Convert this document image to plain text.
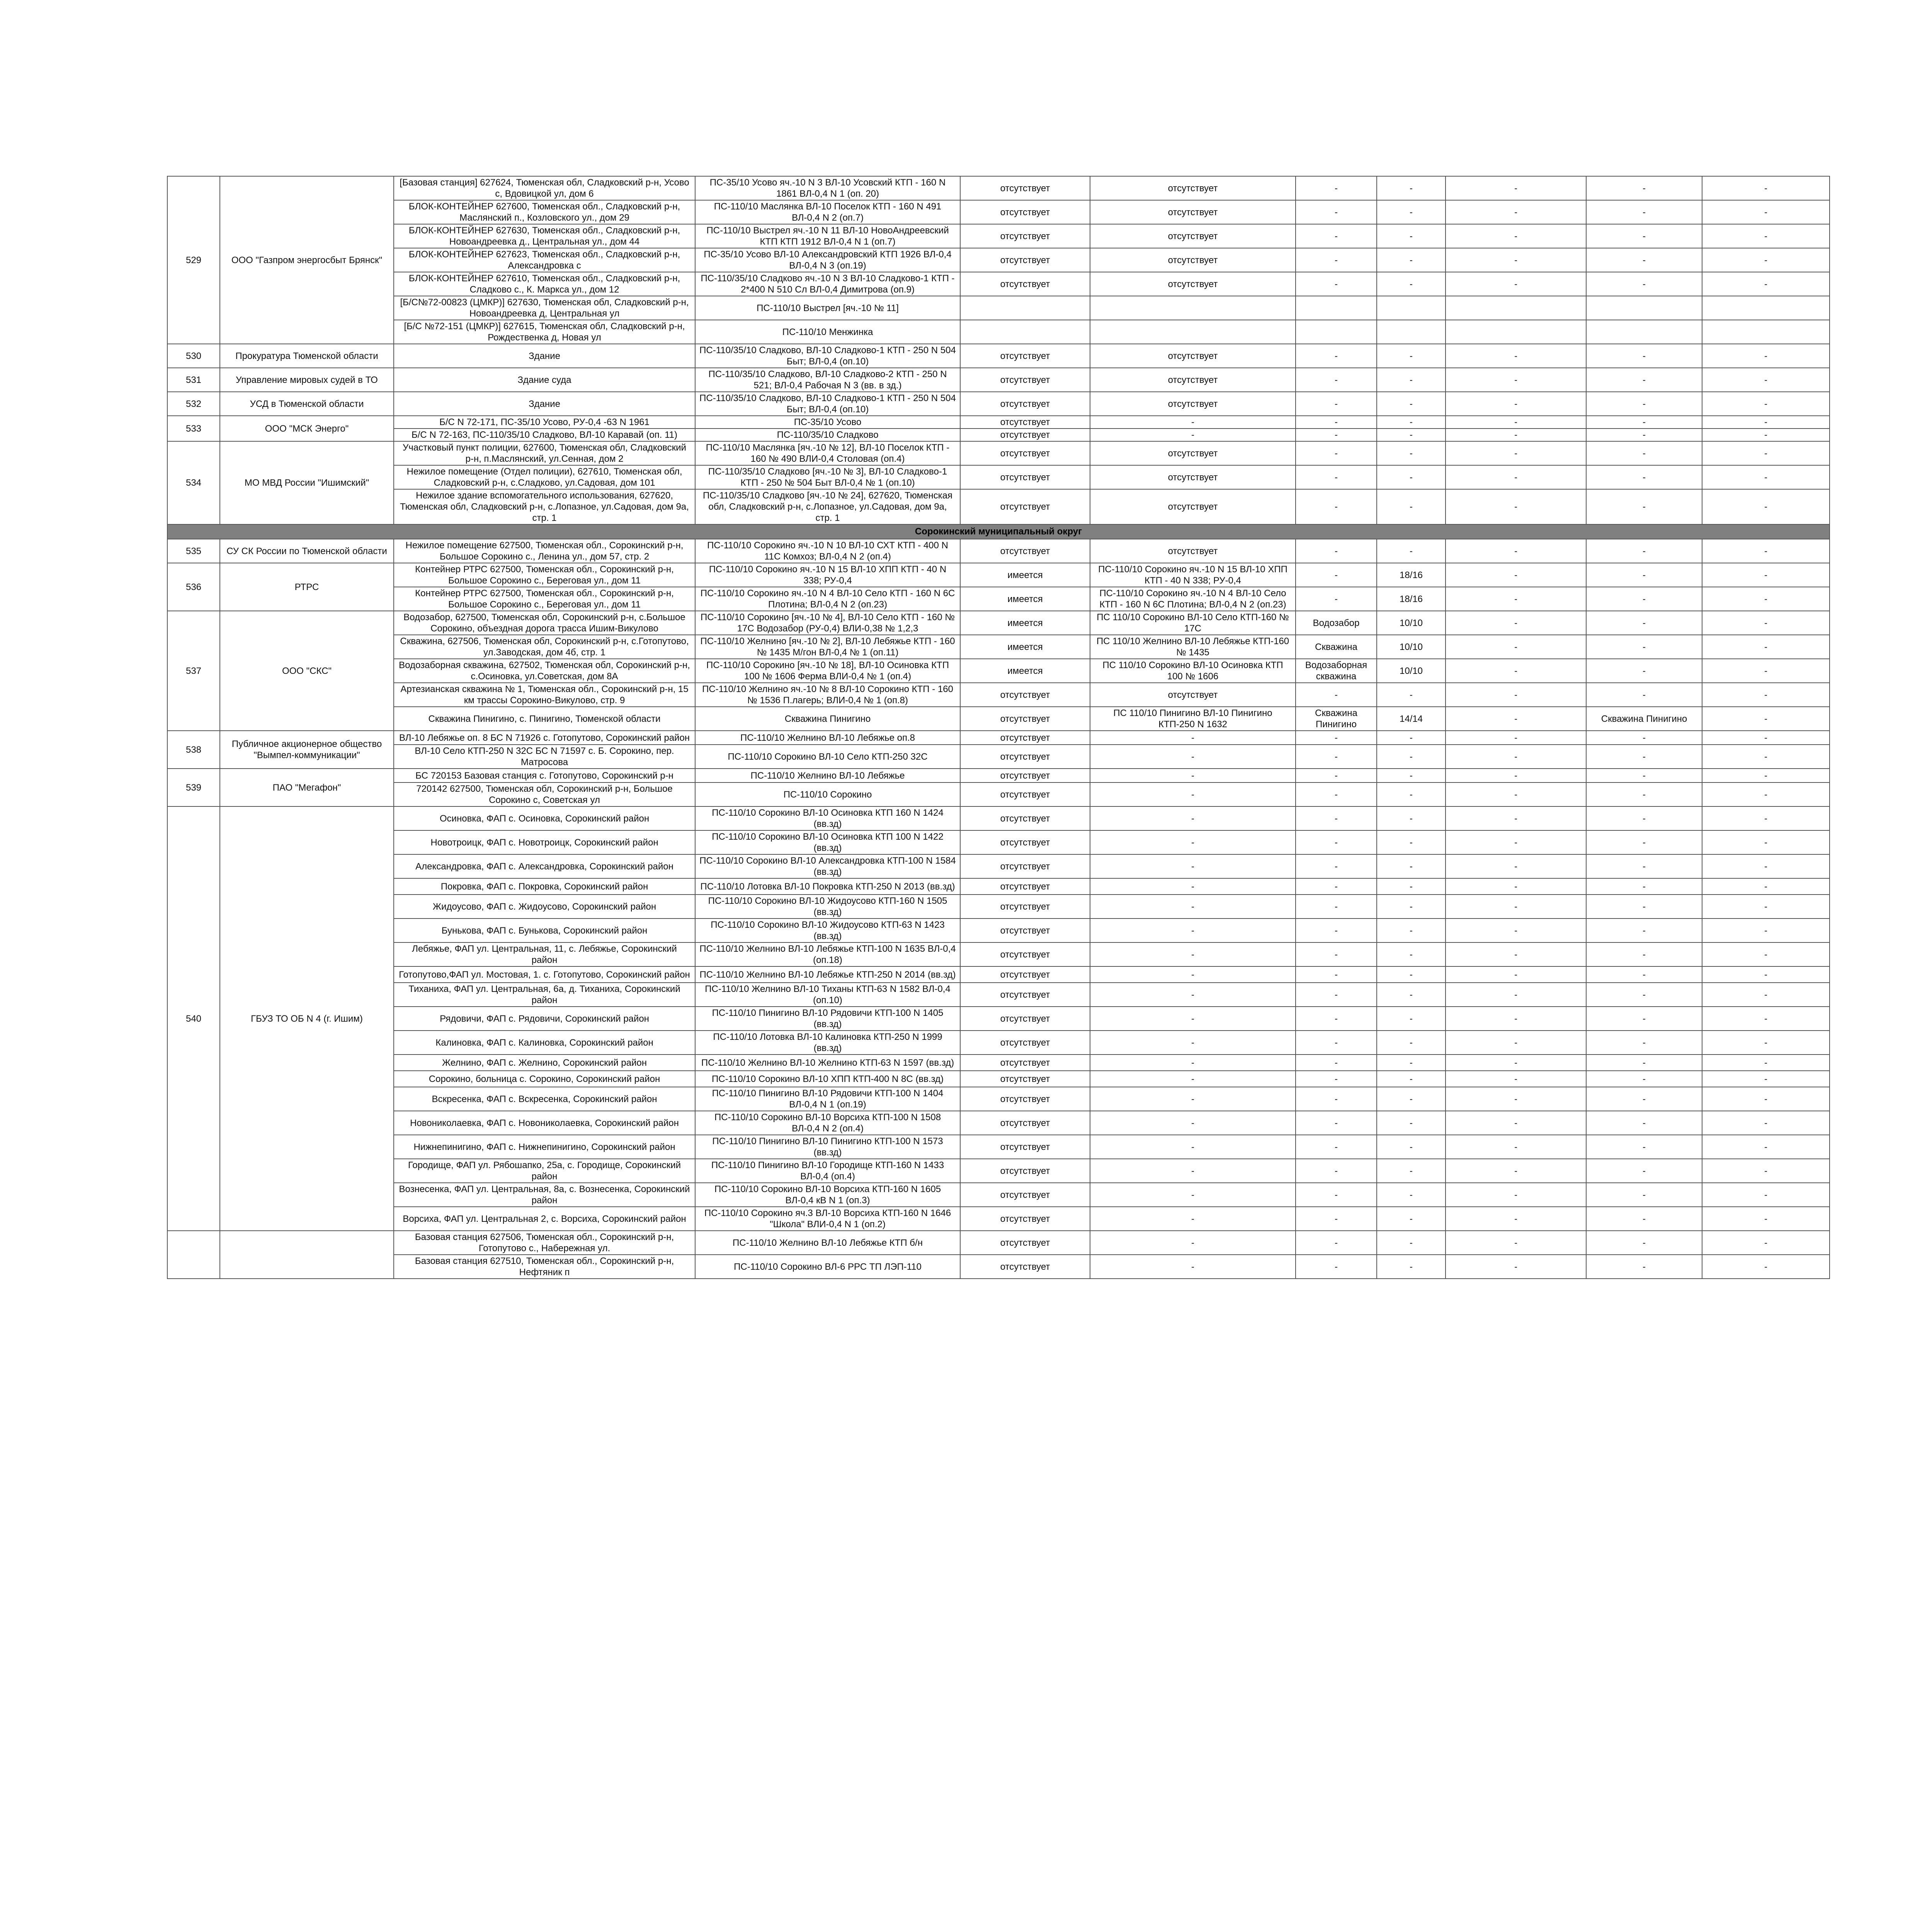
529	ООО "Газпром энергосбыт Брянск"	[Базовая станция] 627624, Тюменская обл, Сладковский р-н, Усово с, Вдовицкой ул, дом 6	ПС-35/10 Усово яч.-10 N 3 ВЛ-10 Усовский КТП - 160 N 1861 ВЛ-0,4 N 1 (оп. 20)	отсутствует	отсутствует	-	-	-	-	-
		БЛОК-КОНТЕЙНЕР 627600, Тюменская обл., Сладковский р-н, Маслянский п., Козловского ул., дом 29	ПС-110/10 Маслянка ВЛ-10 Поселок КТП - 160 N 491 ВЛ-0,4 N 2 (оп.7)	отсутствует	отсутствует	-	-	-	-	-
		БЛОК-КОНТЕЙНЕР 627630, Тюменская обл., Сладковский р-н, Новоандреевка д., Центральная ул., дом 44	ПС-110/10 Выстрел яч.-10 N 11 ВЛ-10 НовоАндреевский КТП КТП 1912 ВЛ-0,4 N 1 (оп.7)	отсутствует	отсутствует	-	-	-	-	-
		БЛОК-КОНТЕЙНЕР 627623, Тюменская обл., Сладковский р-н, Александровка с	ПС-35/10 Усово ВЛ-10 Александровский КТП 1926 ВЛ-0,4 ВЛ-0,4 N 3 (оп.19)	отсутствует	отсутствует	-	-	-	-	-
		БЛОК-КОНТЕЙНЕР 627610, Тюменская обл., Сладковский р-н, Сладково с., К. Маркса ул., дом 12	ПС-110/35/10 Сладково яч.-10 N 3 ВЛ-10 Сладково-1 КТП - 2*400 N 510 Сл ВЛ-0,4 Димитрова (оп.9)	отсутствует	отсутствует	-	-	-	-	-
		[Б/С№72-00823 (ЦМКР)] 627630, Тюменская обл, Сладковский р-н, Новоандреевка д, Центральная ул	ПС-110/10 Выстрел [яч.-10 № 11]							
		[Б/С №72-151 (ЦМКР)] 627615, Тюменская обл, Сладковский р-н, Рождественка д, Новая ул	ПС-110/10 Менжинка							
530	Прокуратура Тюменской области	Здание	ПС-110/35/10 Сладково, ВЛ-10 Сладково-1 КТП - 250 N 504 Быт; ВЛ-0,4 (оп.10)	отсутствует	отсутствует	-	-	-	-	-
531	Управление мировых судей в ТО	Здание суда	ПС-110/35/10 Сладково, ВЛ-10 Сладково-2 КТП - 250 N 521; ВЛ-0,4 Рабочая N 3 (вв. в зд.)	отсутствует	отсутствует	-	-	-	-	-
532	УСД в Тюменской области	Здание	ПС-110/35/10 Сладково, ВЛ-10 Сладково-1 КТП - 250 N 504 Быт; ВЛ-0,4 (оп.10)	отсутствует	отсутствует	-	-	-	-	-
533	ООО "МСК Энерго"	Б/С N 72-171, ПС-35/10 Усово, РУ-0,4 -63 N 1961	ПС-35/10 Усово	отсутствует	-	-	-	-	-	-
		Б/С N 72-163, ПС-110/35/10 Сладково, ВЛ-10 Каравай (оп. 11)	ПС-110/35/10 Сладково	отсутствует	-	-	-	-	-	-
534	МО МВД России "Ишимский"	Участковый пункт полиции, 627600, Тюменская обл, Сладковский р-н, п.Маслянский, ул.Сенная, дом 2	ПС-110/10 Маслянка [яч.-10 № 12], ВЛ-10 Поселок КТП - 160 № 490 ВЛИ-0,4 Столовая (оп.4)	отсутствует	отсутствует	-	-	-	-	-
		Нежилое помещение (Отдел полиции), 627610, Тюменская обл, Сладковский р-н, с.Сладково, ул.Садовая, дом 101	ПС-110/35/10 Сладково [яч.-10 № 3], ВЛ-10 Сладково-1 КТП - 250 № 504 Быт ВЛ-0,4 № 1 (оп.10)	отсутствует	отсутствует	-	-	-	-	-
		Нежилое здание вспомогательного использования, 627620, Тюменская обл, Сладковский р-н, с.Лопазное, ул.Садовая, дом 9а, стр. 1	ПС-110/35/10 Сладково [яч.-10 № 24], 627620, Тюменская обл, Сладковский р-н, с.Лопазное, ул.Садовая, дом 9а, стр. 1	отсутствует	отсутствует	-	-	-	-	-
Сорокинский муниципальный округ										
535	СУ СК России по Тюменской области	Нежилое помещение 627500, Тюменская обл., Сорокинский р-н, Большое Сорокино с., Ленина ул., дом 57, стр. 2	ПС-110/10 Сорокино яч.-10 N 10 ВЛ-10 СХТ КТП - 400 N 11С Комхоз; ВЛ-0,4 N 2 (оп.4)	отсутствует	отсутствует	-	-	-	-	-
536	РТРС	Контейнер РТРС 627500, Тюменская обл., Сорокинский р-н, Большое Сорокино с., Береговая ул., дом 11	ПС-110/10 Сорокино яч.-10 N 15 ВЛ-10 ХПП КТП - 40 N 338; РУ-0,4	имеется	ПС-110/10 Сорокино яч.-10 N 15 ВЛ-10 ХПП КТП - 40 N 338; РУ-0,4	-	18/16	-	-	-
		Контейнер РТРС 627500, Тюменская обл., Сорокинский р-н, Большое Сорокино с., Береговая ул., дом 11	ПС-110/10 Сорокино яч.-10 N 4 ВЛ-10 Село КТП - 160 N 6С Плотина; ВЛ-0,4 N 2 (оп.23)	имеется	ПС-110/10 Сорокино яч.-10 N 4 ВЛ-10 Село КТП - 160 N 6С Плотина; ВЛ-0,4 N 2 (оп.23)	-	18/16	-	-	-
537	ООО "СКС"	Водозабор, 627500, Тюменская обл, Сорокинский р-н, с.Большое Сорокино, объездная дорога трасса Ишим-Викулово	ПС-110/10 Сорокино [яч.-10 № 4], ВЛ-10 Село КТП - 160 № 17С Водозабор (РУ-0,4) ВЛИ-0,38 № 1,2,3	имеется	ПС 110/10 Сорокино ВЛ-10 Село КТП-160 № 17С	Водозабор	10/10	-	-	-
		Скважина, 627506, Тюменская обл, Сорокинский р-н, с.Готопутово, ул.Заводская, дом 4б, стр. 1	ПС-110/10 Желнино [яч.-10 № 2], ВЛ-10 Лебяжье КТП - 160 № 1435 М/гон ВЛ-0,4 № 1 (оп.11)	имеется	ПС 110/10 Желнино ВЛ-10 Лебяжье КТП-160 № 1435	Скважина	10/10	-	-	-
		Водозаборная скважина, 627502, Тюменская обл, Сорокинский р-н, с.Осиновка, ул.Советская, дом 8А	ПС-110/10 Сорокино [яч.-10 № 18], ВЛ-10 Осиновка КТП 100 № 1606 Ферма ВЛИ-0,4 № 1 (оп.4)	имеется	ПС 110/10 Сорокино ВЛ-10 Осиновка КТП 100 № 1606	Водозаборная скважина	10/10	-	-	-
		Артезианская скважина № 1, Тюменская обл., Сорокинский р-н, 15 км трассы Сорокино-Викулово, стр. 9	ПС-110/10 Желнино яч.-10 № 8 ВЛ-10 Сорокино КТП - 160 № 1536 П.лагерь; ВЛИ-0,4 № 1 (оп.8)	отсутствует	отсутствует	-	-	-	-	-
		Скважина Пинигино, с. Пинигино, Тюменской области	Скважина Пинигино	отсутствует	ПС 110/10 Пинигино ВЛ-10 Пинигино КТП-250 N 1632	Скважина Пинигино	14/14	-	Скважина Пинигино	-
538	Публичное акционерное общество "Вымпел-коммуникации"	ВЛ-10 Лебяжье оп. 8 БС N 71926 с. Готопутово, Сорокинский район	ПС-110/10 Желнино ВЛ-10 Лебяжье оп.8	отсутствует	-	-	-	-	-	-
		ВЛ-10 Село КТП-250 N 32С БС N 71597 с. Б. Сорокино, пер. Матросова	ПС-110/10 Сорокино ВЛ-10 Село КТП-250 32С	отсутствует	-	-	-	-	-	-
539	ПАО "Мегафон"	БС 720153 Базовая станция с. Готопутово, Сорокинский р-н	ПС-110/10 Желнино ВЛ-10 Лебяжье	отсутствует	-	-	-	-	-	-
		720142 627500, Тюменская обл, Сорокинский р-н, Большое Сорокино с, Советская ул	ПС-110/10 Сорокино	отсутствует	-	-	-	-	-	-
540	ГБУЗ ТО ОБ N 4 (г. Ишим)	Осиновка, ФАП с. Осиновка, Сорокинский район	ПС-110/10 Сорокино ВЛ-10 Осиновка КТП 160 N 1424 (вв.зд)	отсутствует	-	-	-	-	-	-
		Новотроицк, ФАП с. Новотроицк, Сорокинский район	ПС-110/10 Сорокино ВЛ-10 Осиновка КТП 100 N 1422 (вв.зд)	отсутствует	-	-	-	-	-	-
		Александровка, ФАП с. Александровка, Сорокинский район	ПС-110/10 Сорокино ВЛ-10 Александровка КТП-100 N 1584 (вв.зд)	отсутствует	-	-	-	-	-	-
		Покровка, ФАП с. Покровка, Сорокинский район	ПС-110/10 Лотовка ВЛ-10 Покровка КТП-250 N 2013 (вв.зд)	отсутствует	-	-	-	-	-	-
		Жидоусово, ФАП с. Жидоусово, Сорокинский район	ПС-110/10 Сорокино ВЛ-10 Жидоусово КТП-160 N 1505 (вв.зд)	отсутствует	-	-	-	-	-	-
		Бунькова, ФАП с. Бунькова, Сорокинский район	ПС-110/10 Сорокино ВЛ-10 Жидоусово КТП-63 N 1423 (вв.зд)	отсутствует	-	-	-	-	-	-
		Лебяжье, ФАП ул. Центральная, 11, с. Лебяжье, Сорокинский район	ПС-110/10 Желнино ВЛ-10 Лебяжье КТП-100 N 1635 ВЛ-0,4 (оп.18)	отсутствует	-	-	-	-	-	-
		Готопутово,ФАП ул. Мостовая, 1. с. Готопутово, Сорокинский район	ПС-110/10 Желнино ВЛ-10 Лебяжье КТП-250 N 2014 (вв.зд)	отсутствует	-	-	-	-	-	-
		Тиханиха, ФАП ул. Центральная, 6а, д. Тиханиха, Сорокинский район	ПС-110/10 Желнино ВЛ-10 Тиханы КТП-63 N 1582 ВЛ-0,4 (оп.10)	отсутствует	-	-	-	-	-	-
		Рядовичи, ФАП с. Рядовичи, Сорокинский район	ПС-110/10 Пинигино ВЛ-10 Рядовичи КТП-100 N 1405 (вв.зд)	отсутствует	-	-	-	-	-	-
		Калиновка, ФАП с. Калиновка, Сорокинский район	ПС-110/10 Лотовка ВЛ-10 Калиновка КТП-250 N 1999 (вв.зд)	отсутствует	-	-	-	-	-	-
		Желнино, ФАП с. Желнино, Сорокинский район	ПС-110/10 Желнино ВЛ-10 Желнино КТП-63 N 1597 (вв.зд)	отсутствует	-	-	-	-	-	-
		Сорокино, больница с. Сорокино, Сорокинский район	ПС-110/10 Сорокино ВЛ-10 ХПП КТП-400 N 8С (вв.зд)	отсутствует	-	-	-	-	-	-
		Вскресенка, ФАП с. Вскресенка, Сорокинский район	ПС-110/10 Пинигино ВЛ-10 Рядовичи КТП-100 N 1404 ВЛ-0,4 N 1 (оп.19)	отсутствует	-	-	-	-	-	-
		Новониколаевка, ФАП с. Новониколаевка, Сорокинский район	ПС-110/10 Сорокино ВЛ-10 Ворсиха КТП-100 N 1508 ВЛ-0,4 N 2 (оп.4)	отсутствует	-	-	-	-	-	-
		Нижнепинигино, ФАП с. Нижнепинигино, Сорокинский район	ПС-110/10 Пинигино ВЛ-10 Пинигино КТП-100 N 1573 (вв.зд)	отсутствует	-	-	-	-	-	-
		Городище, ФАП ул. Рябошапко, 25а, с. Городище, Сорокинский район	ПС-110/10 Пинигино ВЛ-10 Городище КТП-160 N 1433 ВЛ-0,4 (оп.4)	отсутствует	-	-	-	-	-	-
		Вознесенка, ФАП ул. Центральная, 8а, с. Вознесенка, Сорокинский район	ПС-110/10 Сорокино ВЛ-10 Ворсиха КТП-160 N 1605 ВЛ-0,4 кВ N 1 (оп.3)	отсутствует	-	-	-	-	-	-
		Ворсиха, ФАП ул. Центральная 2, с. Ворсиха, Сорокинский район	ПС-110/10 Сорокино яч.3 ВЛ-10 Ворсиха КТП-160 N 1646 "Школа" ВЛИ-0,4 N 1 (оп.2)	отсутствует	-	-	-	-	-	-
		Базовая станция 627506, Тюменская обл., Сорокинский р-н, Готопутово с., Набережная ул.	ПС-110/10 Желнино ВЛ-10 Лебяжье КТП б/н	отсутствует	-	-	-	-	-	-
		Базовая станция 627510, Тюменская обл., Сорокинский р-н, Нефтяник п	ПС-110/10 Сорокино ВЛ-6 РРС ТП ЛЭП-110	отсутствует	-	-	-	-	-	-
